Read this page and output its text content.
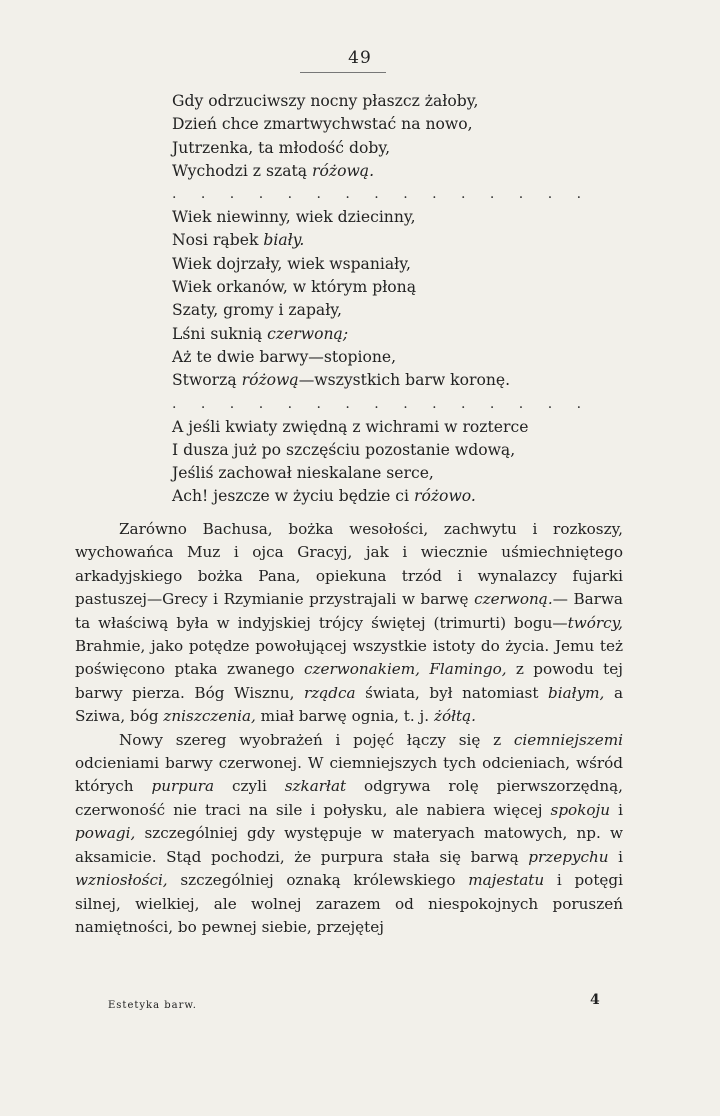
49
Gdy odrzuciwszy nocny płaszcz żałoby,
Dzień chce zmartwychwstać na nowo,
Jutrzenka, ta młodość doby,
Wychodzi z szatą różową.
. . . . . . . . . . . . . . .
Wiek niewinny, wiek dziecinny,
Nosi rąbek biały.
Wiek dojrzały, wiek wspaniały,
Wiek orkanów, w którym płoną
Szaty, gromy i zapały,
Lśni suknią czerwoną;
Aż te dwie barwy—stopione,
Stworzą różową—wszystkich barw koronę.
. . . . . . . . . . . . . . .
A jeśli kwiaty zwiędną z wichrami w rozterce
I dusza już po szczęściu pozostanie wdową,
Jeśliś zachował nieskalane serce,
Ach! jeszcze w życiu będzie ci różowo.

Zarówno Bachusa, bożka wesołości, zachwytu i rozkoszy, wychowańca Muz i ojca Gracyj, jak i wiecznie uśmiechniętego arkadyjskiego bożka Pana, opiekuna trzód i wynalazcy fujarki pastuszej—Grecy i Rzymianie przystrajali w barwę czerwoną.— Barwa ta właściwą była w indyjskiej trójcy świętej (trimurti) bogu—twórcy, Brahmie, jako potędze powołującej wszystkie istoty do życia. Jemu też poświęcono ptaka zwanego czerwonakiem, Flamingo, z powodu tej barwy pierza. Bóg Wisznu, rządca świata, był natomiast białym, a Sziwa, bóg zniszczenia, miał barwę ognia, t. j. żółtą.

Nowy szereg wyobrażeń i pojęć łączy się z ciemniejszemi odcieniami barwy czerwonej. W ciemniejszych tych odcieniach, wśród których purpura czyli szkarłat odgrywa rolę pierwszorzędną, czerwoność nie traci na sile i połysku, ale nabiera więcej spokoju i powagi, szczególniej gdy występuje w materyach matowych, np. w aksamicie. Stąd pochodzi, że purpura stała się barwą przepychu i wzniosłości, szczególniej oznaką królewskiego majestatu i potęgi silnej, wielkiej, ale wolnej zarazem od niespokojnych poruszeń namiętności, bo pewnej siebie, przejętej

Estetyka barw.	4
